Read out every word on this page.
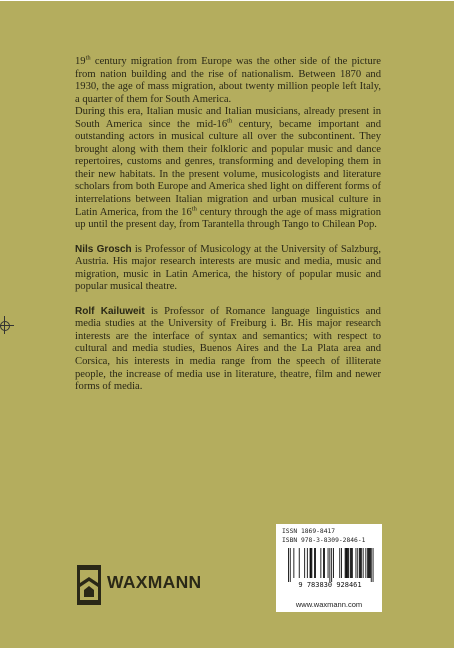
19th century migration from Europe was the other side of the picture from nation building and the rise of nationalism. Between 1870 and 1930, the age of mass migration, about twenty million people left Italy, a quarter of them for South America.

During this era, Italian music and Italian musicians, already present in South America since the mid-16th century, became important and outstanding actors in musical culture all over the subcontinent. They brought along with them their folkloric and popular music and dance repertoires, customs and genres, transforming and developing them in their new habitats. In the present volume, musicologists and literature scholars from both Europe and America shed light on different forms of interrelations between Italian migration and urban musical culture in Latin America, from the 16th century through the age of mass migration up until the present day, from Tarantella through Tango to Chilean Pop.

Nils Grosch is Professor of Musicology at the University of Salzburg, Austria. His major research interests are music and media, music and migration, music in Latin America, the history of popular music and popular musical theatre.

Rolf Kailuweit is Professor of Romance language linguistics and media studies at the University of Freiburg i. Br. His major research interests are the interface of syntax and semantics; with respect to cultural and media studies, Buenos Aires and the La Plata area and Corsica, his interests in media range from the speech of illiterate people, the increase of media use in literature, theatre, film and newer forms of media.

WAXMANN
ISSN 1869-8417
ISBN 978-3-8309-2846-1
9 783830 928461
www.waxmann.com
